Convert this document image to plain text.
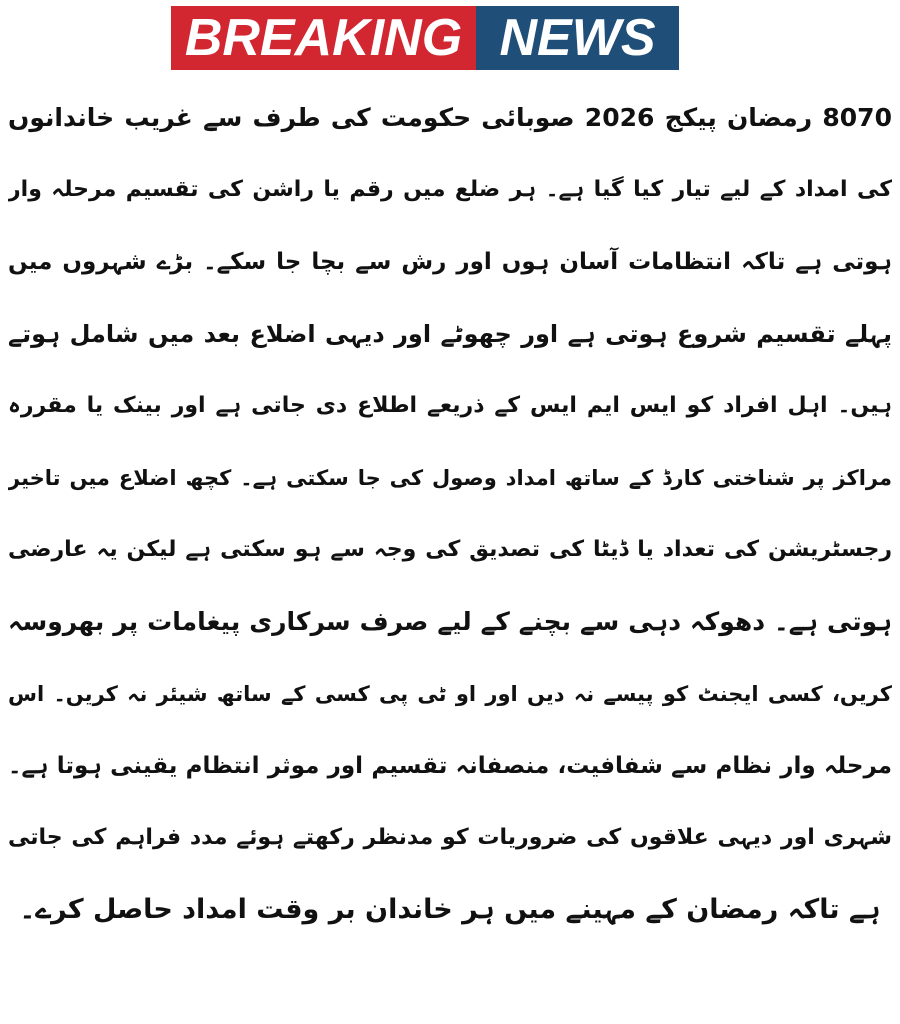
BREAKING NEWS
8070 رمضان پیکج 2026 صوبائی حکومت کی طرف سے غریب خاندانوں
کی امداد کے لیے تیار کیا گیا ہے۔ ہر ضلع میں رقم یا راشن کی تقسیم مرحلہ وار
ہوتی ہے تاکہ انتظامات آسان ہوں اور رش سے بچا جا سکے۔ بڑے شہروں میں
پہلے تقسیم شروع ہوتی ہے اور چھوٹے اور دیہی اضلاع بعد میں شامل ہوتے
ہیں۔ اہل افراد کو ایس ایم ایس کے ذریعے اطلاع دی جاتی ہے اور بینک یا مقررہ
مراکز پر شناختی کارڈ کے ساتھ امداد وصول کی جا سکتی ہے۔ کچھ اضلاع میں تاخیر
رجسٹریشن کی تعداد یا ڈیٹا کی تصدیق کی وجہ سے ہو سکتی ہے لیکن یہ عارضی
ہوتی ہے۔ دھوکہ دہی سے بچنے کے لیے صرف سرکاری پیغامات پر بھروسہ
کریں، کسی ایجنٹ کو پیسے نہ دیں اور او ٹی پی کسی کے ساتھ شیئر نہ کریں۔ اس
مرحلہ وار نظام سے شفافیت، منصفانہ تقسیم اور موثر انتظام یقینی ہوتا ہے۔
شہری اور دیہی علاقوں کی ضروریات کو مدنظر رکھتے ہوئے مدد فراہم کی جاتی
ہے تاکہ رمضان کے مہینے میں ہر خاندان بر وقت امداد حاصل کرے۔
